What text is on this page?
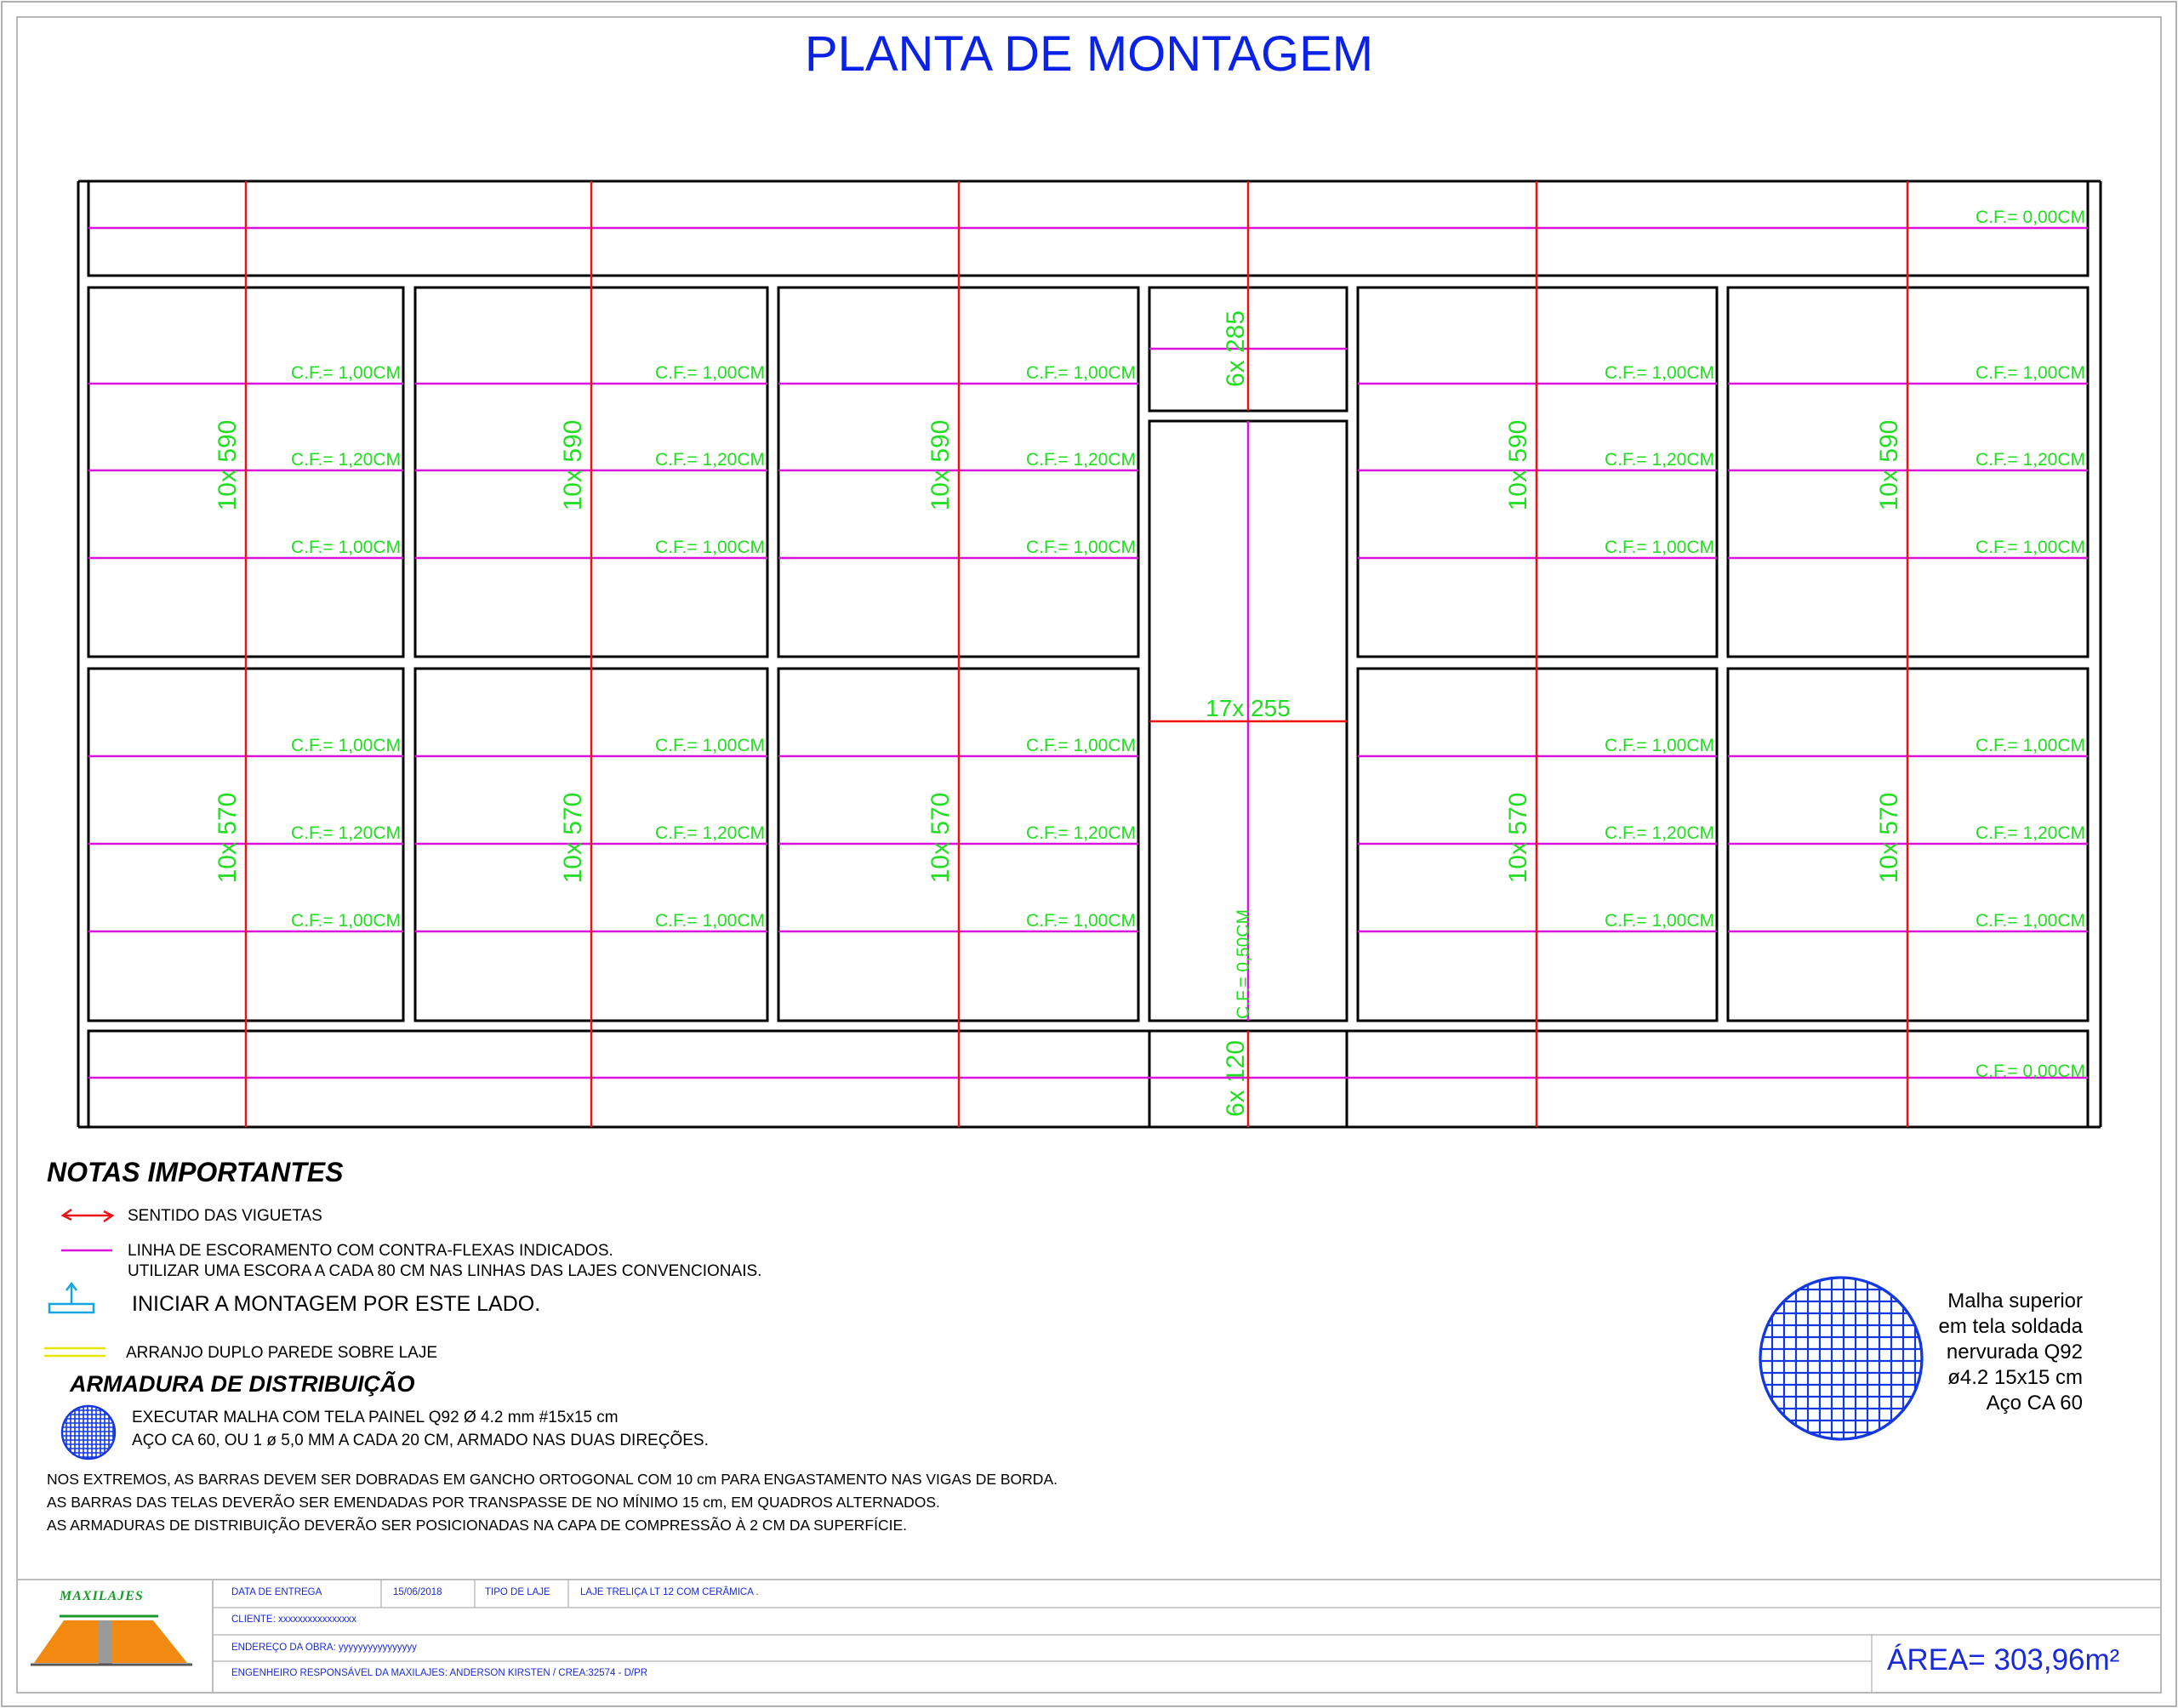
C.F.= 1,00CM
C.F.= 1,20CM
C.F.= 1,00CM
10x 590
C.F.= 1,00CM
C.F.= 1,20CM
C.F.= 1,00CM
10x 570
C.F.= 1,00CM
C.F.= 1,20CM
C.F.= 1,00CM
10x 590
C.F.= 1,00CM
C.F.= 1,20CM
C.F.= 1,00CM
10x 570
C.F.= 1,00CM
C.F.= 1,20CM
C.F.= 1,00CM
10x 590
C.F.= 1,00CM
C.F.= 1,20CM
C.F.= 1,00CM
10x 570
C.F.= 1,00CM
C.F.= 1,20CM
C.F.= 1,00CM
10x 590
C.F.= 1,00CM
C.F.= 1,20CM
C.F.= 1,00CM
10x 570
C.F.= 1,00CM
C.F.= 1,20CM
C.F.= 1,00CM
10x 590
C.F.= 1,00CM
C.F.= 1,20CM
C.F.= 1,00CM
10x 570
17x 255
C.F.= 0,50CM
6x 285
6x 120
C.F.= 0,00CM
C.F.= 0,00CM
PLANTA DE MONTAGEM
NOTAS IMPORTANTES
SENTIDO DAS VIGUETAS
LINHA DE ESCORAMENTO COM CONTRA-FLEXAS INDICADOS.
UTILIZAR UMA ESCORA A CADA 80 CM NAS LINHAS DAS LAJES CONVENCIONAIS.
INICIAR A MONTAGEM POR ESTE LADO.
ARRANJO DUPLO PAREDE SOBRE LAJE
ARMADURA DE DISTRIBUIÇÃO
EXECUTAR MALHA COM TELA PAINEL Q92 Ø 4.2 mm #15x15 cm
AÇO CA 60, OU 1 ø 5,0 MM A CADA 20 CM, ARMADO NAS DUAS DIREÇÕES.
NOS EXTREMOS, AS BARRAS DEVEM SER DOBRADAS EM GANCHO ORTOGONAL COM 10 cm PARA ENGASTAMENTO NAS VIGAS DE BORDA.
AS BARRAS DAS TELAS DEVERÃO SER EMENDADAS POR TRANSPASSE DE NO MÍNIMO 15 cm, EM QUADROS ALTERNADOS.
AS ARMADURAS DE DISTRIBUIÇÃO DEVERÃO SER POSICIONADAS NA CAPA DE COMPRESSÃO À 2 CM DA SUPERFÍCIE.
Malha superior
em tela soldada
nervurada Q92
ø4.2 15x15 cm
Aço CA 60
MAXILAJES	DATA DE ENTREGA	15/06/2018	TIPO DE LAJE	LAJE TRELIÇA LT 12 COM CERÂMICA .
CLIENTE: xxxxxxxxxxxxxxxx
ENDEREÇO DA OBRA: yyyyyyyyyyyyyyyy
ENGENHEIRO RESPONSÁVEL DA MAXILAJES: ANDERSON KIRSTEN / CREA:32574 - D/PR	ÁREA= 303,96m²
